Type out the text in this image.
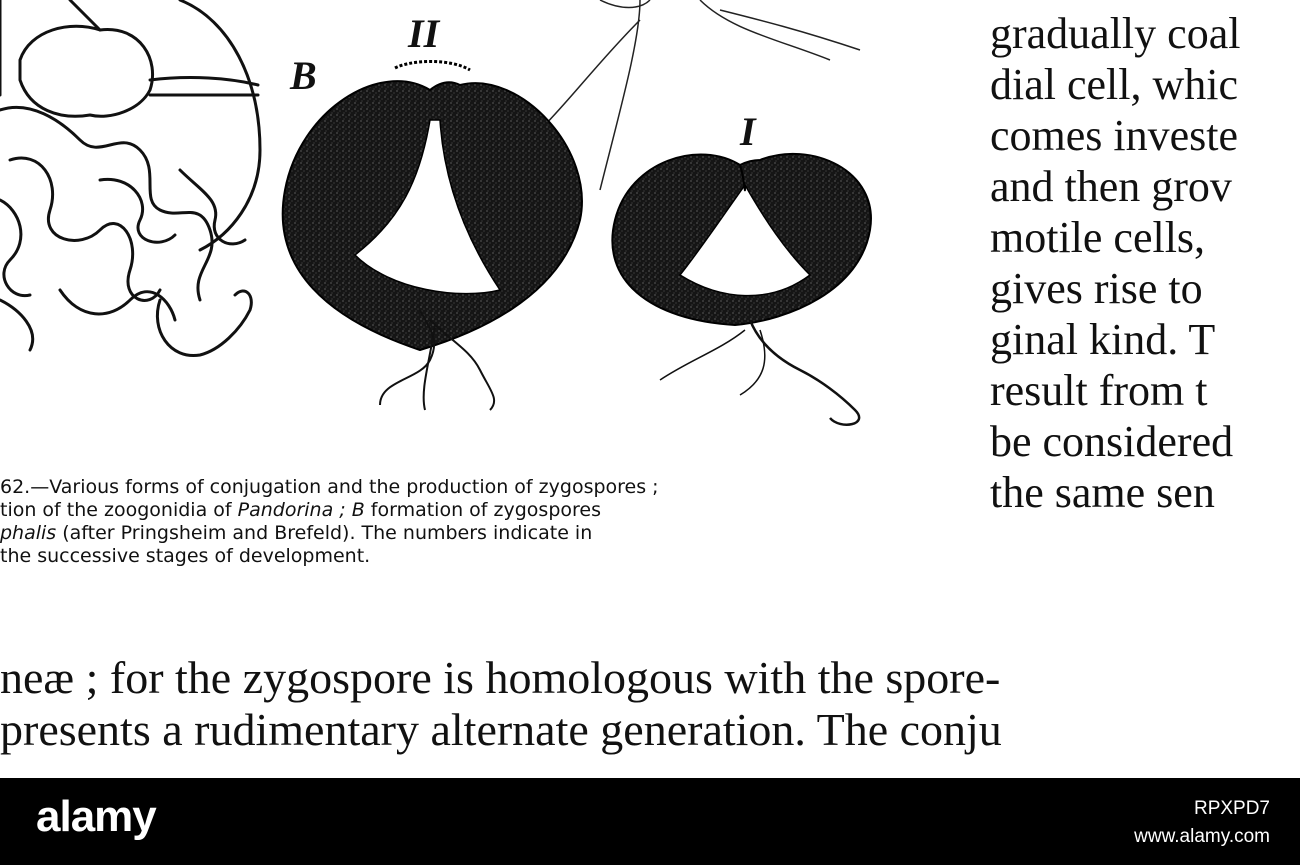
B
II
I
62.—Various forms of conjugation and the production of zygospores ;
tion of the zoogonidia of Pandorina ; B formation of zygospores
phalis (after Pringsheim and Brefeld). The numbers indicate in
the successive stages of development.
gradually coal
dial cell, whic
comes investe
and then grov
motile cells,
gives rise to
ginal kind. T
result from t
be considered
the same sen
neæ ; for the zygospore is homologous with the spore-
presents a rudimentary alternate generation. The conju
alamy	RPXPD7
www.alamy.com
